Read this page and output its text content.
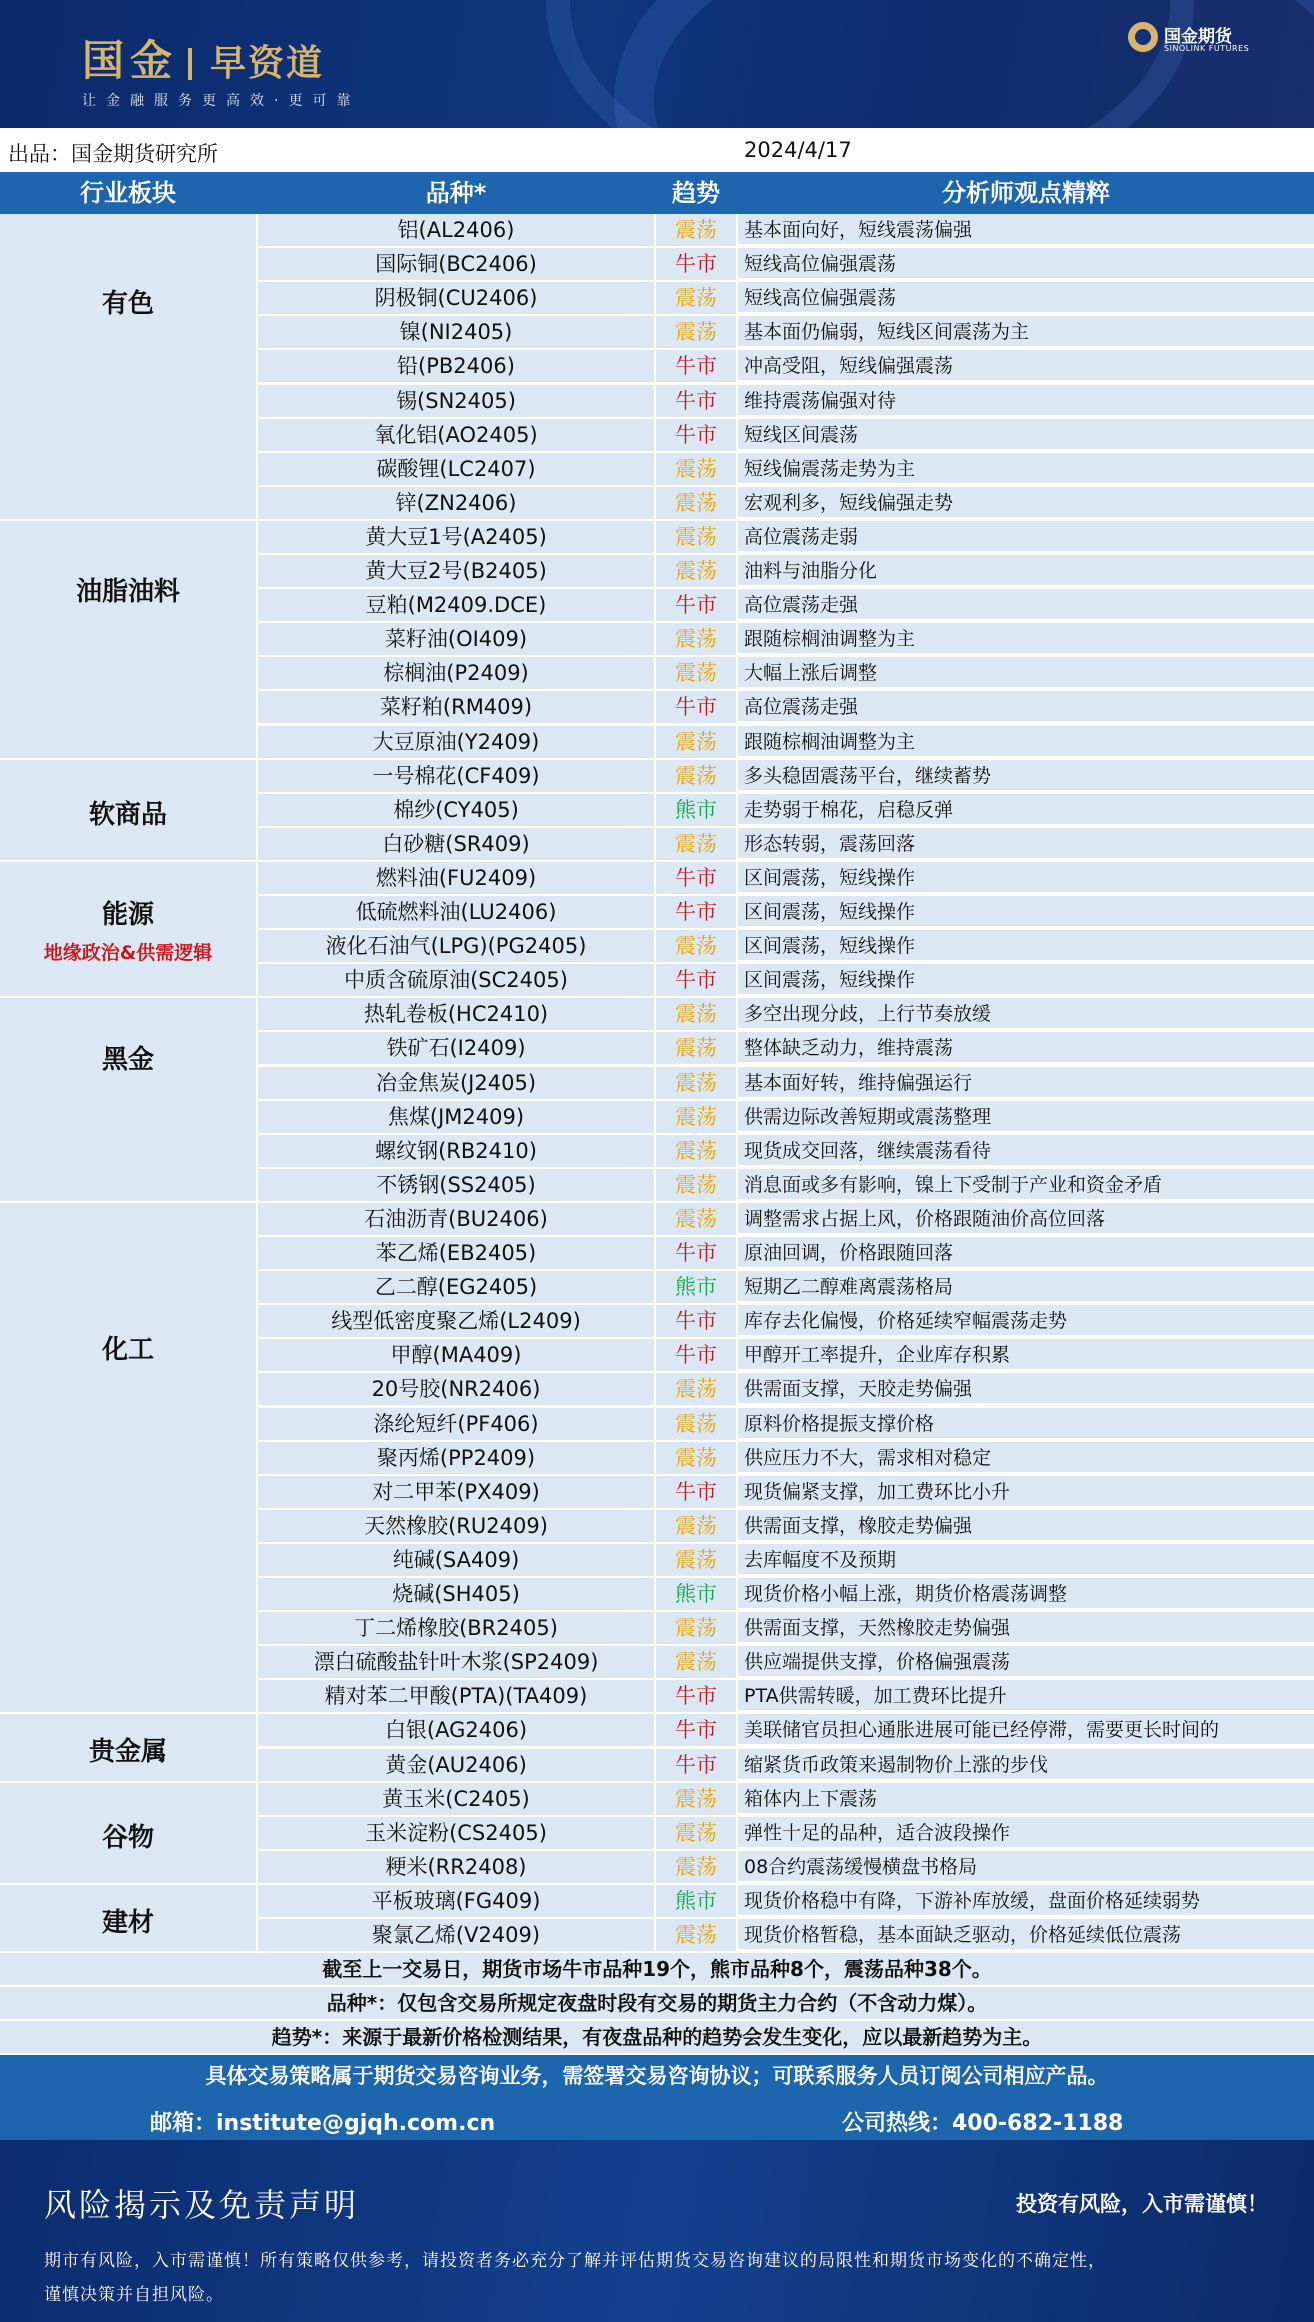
国金 早资道
让金融服务更高效·更可靠
国金期货
SINOLINK FUTURES
出品：国金期货研究所	2024/4/17
行业板块	品种*	趋势	分析师观点精粹
有色
铝(AL2406)	震荡	基本面向好，短线震荡偏强
国际铜(BC2406)	牛市	短线高位偏强震荡
阴极铜(CU2406)	震荡	短线高位偏强震荡
镍(NI2405)	震荡	基本面仍偏弱，短线区间震荡为主
铅(PB2406)	牛市	冲高受阻，短线偏强震荡
锡(SN2405)	牛市	维持震荡偏强对待
氧化铝(AO2405)	牛市	短线区间震荡
碳酸锂(LC2407)	震荡	短线偏震荡走势为主
锌(ZN2406)	震荡	宏观利多，短线偏强走势
油脂油料
黄大豆1号(A2405)	震荡	高位震荡走弱
黄大豆2号(B2405)	震荡	油料与油脂分化
豆粕(M2409.DCE)	牛市	高位震荡走强
菜籽油(OI409)	震荡	跟随棕榈油调整为主
棕榈油(P2409)	震荡	大幅上涨后调整
菜籽粕(RM409)	牛市	高位震荡走强
大豆原油(Y2409)	震荡	跟随棕榈油调整为主
软商品
一号棉花(CF409)	震荡	多头稳固震荡平台，继续蓄势
棉纱(CY405)	熊市	走势弱于棉花，启稳反弹
白砂糖(SR409)	震荡	形态转弱，震荡回落
能源
地缘政治&供需逻辑
燃料油(FU2409)	牛市	区间震荡，短线操作
低硫燃料油(LU2406)	牛市	区间震荡，短线操作
液化石油气(LPG)(PG2405)	震荡	区间震荡，短线操作
中质含硫原油(SC2405)	牛市	区间震荡，短线操作
黑金
热轧卷板(HC2410)	震荡	多空出现分歧，上行节奏放缓
铁矿石(I2409)	震荡	整体缺乏动力，维持震荡
冶金焦炭(J2405)	震荡	基本面好转，维持偏强运行
焦煤(JM2409)	震荡	供需边际改善短期或震荡整理
螺纹钢(RB2410)	震荡	现货成交回落，继续震荡看待
不锈钢(SS2405)	震荡	消息面或多有影响，镍上下受制于产业和资金矛盾
化工
石油沥青(BU2406)	震荡	调整需求占据上风，价格跟随油价高位回落
苯乙烯(EB2405)	牛市	原油回调，价格跟随回落
乙二醇(EG2405)	熊市	短期乙二醇难离震荡格局
线型低密度聚乙烯(L2409)	牛市	库存去化偏慢，价格延续窄幅震荡走势
甲醇(MA409)	牛市	甲醇开工率提升，企业库存积累
20号胶(NR2406)	震荡	供需面支撑，天胶走势偏强
涤纶短纤(PF406)	震荡	原料价格提振支撑价格
聚丙烯(PP2409)	震荡	供应压力不大，需求相对稳定
对二甲苯(PX409)	牛市	现货偏紧支撑，加工费环比小升
天然橡胶(RU2409)	震荡	供需面支撑，橡胶走势偏强
纯碱(SA409)	震荡	去库幅度不及预期
烧碱(SH405)	熊市	现货价格小幅上涨，期货价格震荡调整
丁二烯橡胶(BR2405)	震荡	供需面支撑，天然橡胶走势偏强
漂白硫酸盐针叶木浆(SP2409)	震荡	供应端提供支撑，价格偏强震荡
精对苯二甲酸(PTA)(TA409)	牛市	PTA供需转暖，加工费环比提升
贵金属
白银(AG2406)	牛市	美联储官员担心通胀进展可能已经停滞，需要更长时间的
黄金(AU2406)	牛市	缩紧货币政策来遏制物价上涨的步伐
谷物
黄玉米(C2405)	震荡	箱体内上下震荡
玉米淀粉(CS2405)	震荡	弹性十足的品种，适合波段操作
粳米(RR2408)	震荡	08合约震荡缓慢横盘书格局
建材
平板玻璃(FG409)	熊市	现货价格稳中有降，下游补库放缓，盘面价格延续弱势
聚氯乙烯(V2409)	震荡	现货价格暂稳，基本面缺乏驱动，价格延续低位震荡
截至上一交易日，期货市场牛市品种19个，熊市品种8个，震荡品种38个。
品种*：仅包含交易所规定夜盘时段有交易的期货主力合约（不含动力煤）。
趋势*：来源于最新价格检测结果，有夜盘品种的趋势会发生变化，应以最新趋势为主。
具体交易策略属于期货交易咨询业务，需签署交易咨询协议；可联系服务人员订阅公司相应产品。
邮箱：institute@gjqh.com.cn	公司热线：400-682-1188
风险揭示及免责声明	投资有风险，入市需谨慎！
期市有风险，入市需谨慎！所有策略仅供参考，请投资者务必充分了解并评估期货交易咨询建议的局限性和期货市场变化的不确定性，
谨慎决策并自担风险。
